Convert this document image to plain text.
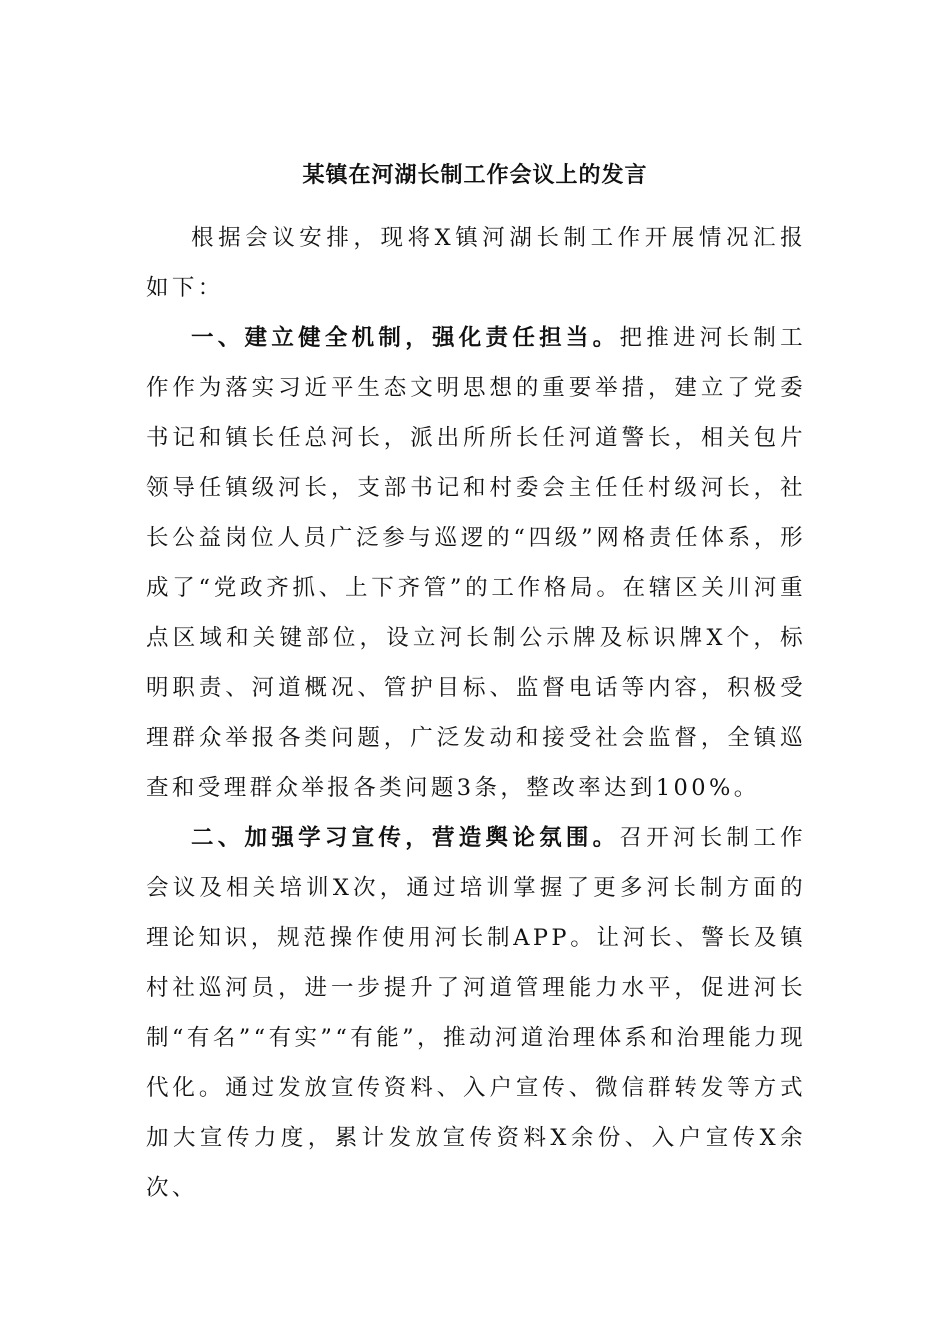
某镇在河湖长制工作会议上的发言

根据会议安排，现将X镇河湖长制工作开展情况汇报如下：

一、建立健全机制，强化责任担当。把推进河长制工作作为落实习近平生态文明思想的重要举措，建立了党委书记和镇长任总河长，派出所所长任河道警长，相关包片领导任镇级河长，支部书记和村委会主任任村级河长，社长公益岗位人员广泛参与巡逻的“四级”网格责任体系，形成了“党政齐抓、上下齐管”的工作格局。在辖区关川河重点区域和关键部位，设立河长制公示牌及标识牌X个，标明职责、河道概况、管护目标、监督电话等内容，积极受理群众举报各类问题，广泛发动和接受社会监督，全镇巡查和受理群众举报各类问题3条，整改率达到100%。

二、加强学习宣传，营造舆论氛围。召开河长制工作会议及相关培训X次，通过培训掌握了更多河长制方面的理论知识，规范操作使用河长制APP。让河长、警长及镇村社巡河员，进一步提升了河道管理能力水平，促进河长制“有名”“有实”“有能”，推动河道治理体系和治理能力现代化。通过发放宣传资料、入户宣传、微信群转发等方式加大宣传力度，累计发放宣传资料X余份、入户宣传X余次、
